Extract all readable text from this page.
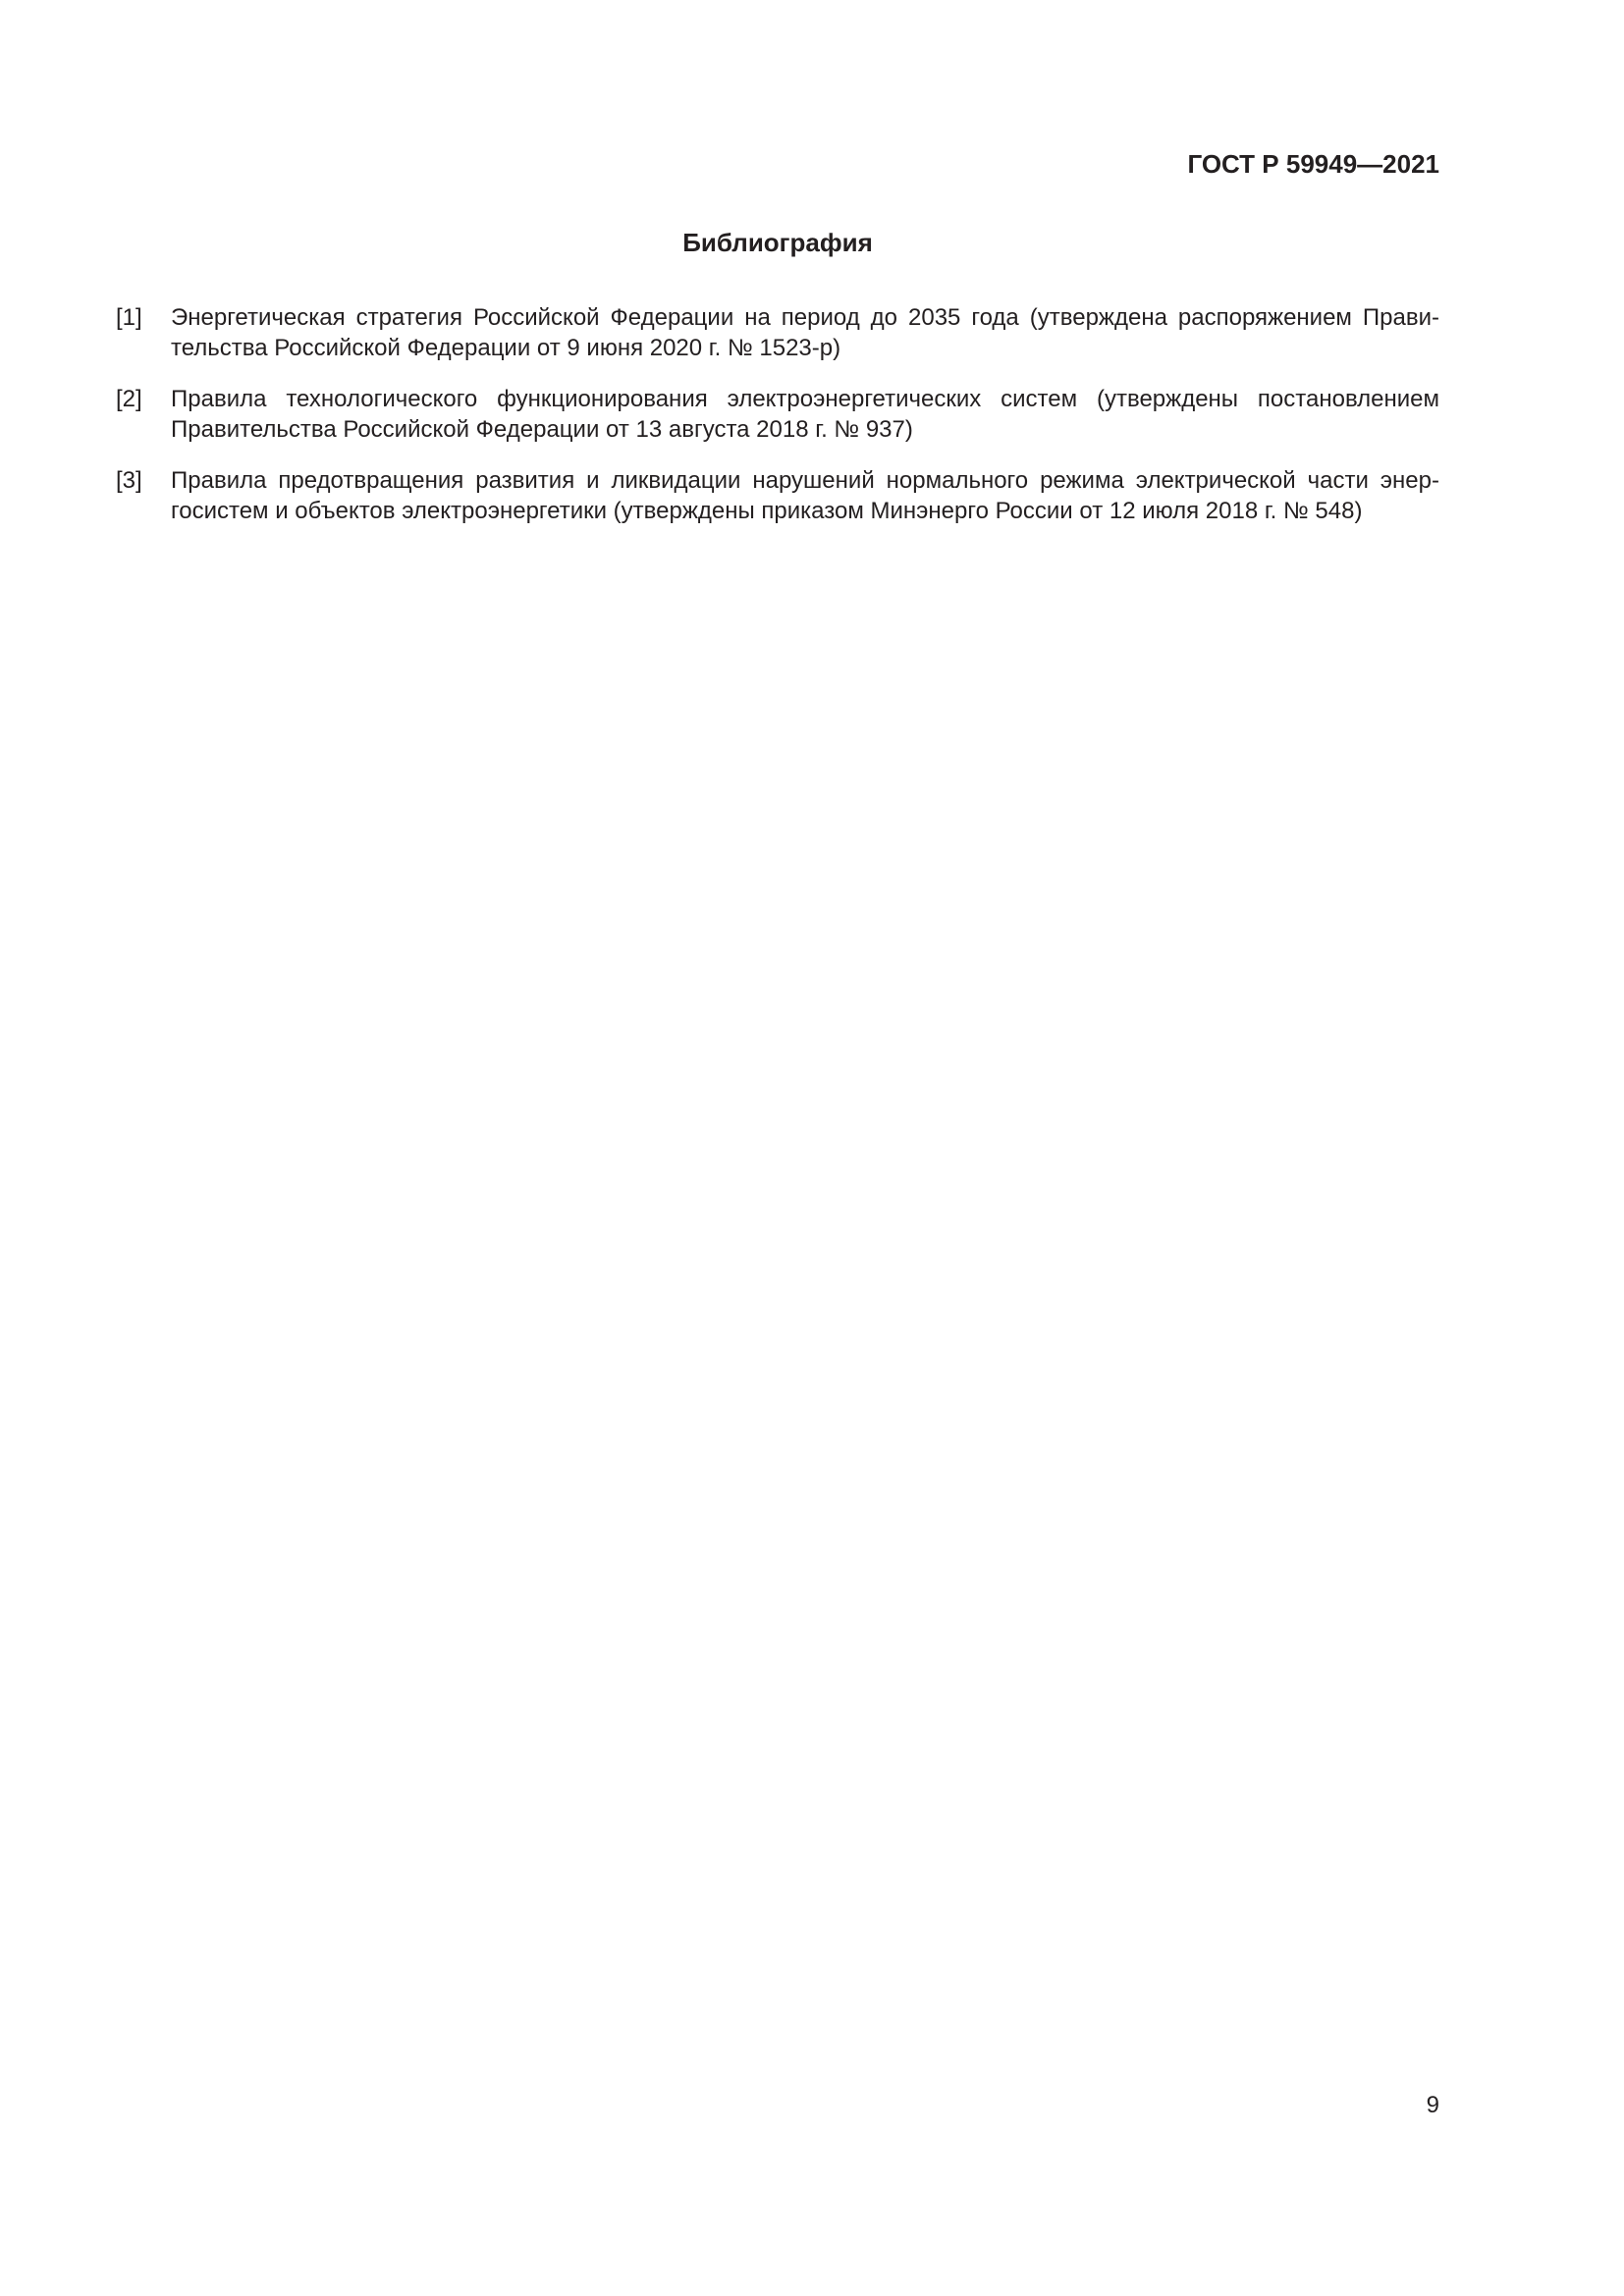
ГОСТ Р 59949—2021
Библиография
[1] Энергетическая стратегия Российской Федерации на период до 2035 года (утверждена распоряжением Прави-
тельства Российской Федерации от 9 июня 2020 г. № 1523-р)
[2] Правила технологического функционирования электроэнергетических систем (утверждены постановлением
Правительства Российской Федерации от 13 августа 2018 г. № 937)
[3] Правила предотвращения развития и ликвидации нарушений нормального режима электрической части энер-
госистем и объектов электроэнергетики (утверждены приказом Минэнерго России от 12 июля 2018 г. № 548)
9
